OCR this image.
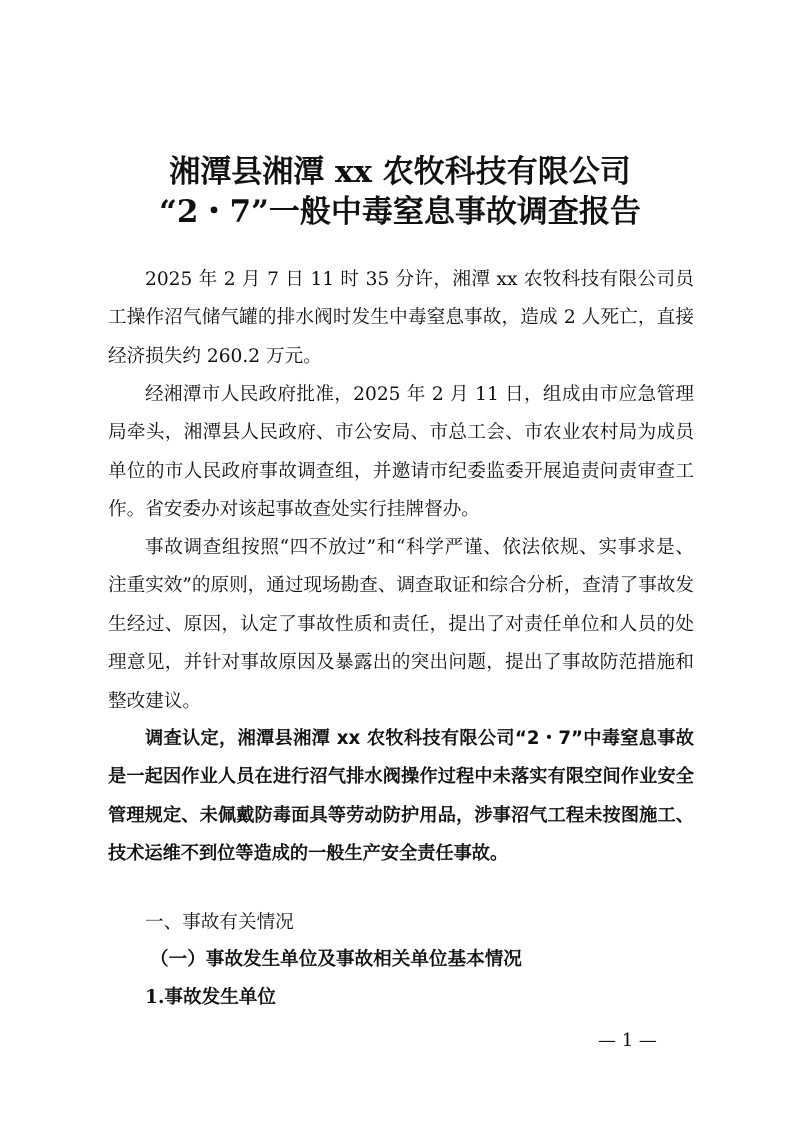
湘潭县湘潭 xx 农牧科技有限公司
“2・7”一般中毒窒息事故调查报告
2025 年 2 月 7 日 11 时 35 分许，湘潭 xx 农牧科技有限公司员工操作沼气储气罐的排水阀时发生中毒窒息事故，造成 2 人死亡，直接经济损失约 260.2 万元。
经湘潭市人民政府批准，2025 年 2 月 11 日，组成由市应急管理局牵头，湘潭县人民政府、市公安局、市总工会、市农业农村局为成员单位的市人民政府事故调查组，并邀请市纪委监委开展追责问责审查工作。省安委办对该起事故查处实行挂牌督办。
事故调查组按照“四不放过”和“科学严谨、依法依规、实事求是、注重实效”的原则，通过现场勘查、调查取证和综合分析，查清了事故发生经过、原因，认定了事故性质和责任，提出了对责任单位和人员的处理意见，并针对事故原因及暴露出的突出问题，提出了事故防范措施和整改建议。
调查认定，湘潭县湘潭 xx 农牧科技有限公司“2・7”中毒窒息事故是一起因作业人员在进行沼气排水阀操作过程中未落实有限空间作业安全管理规定、未佩戴防毒面具等劳动防护用品，涉事沼气工程未按图施工、技术运维不到位等造成的一般生产安全责任事故。
一、事故有关情况
（一）事故发生单位及事故相关单位基本情况
1.事故发生单位
— 1 —
